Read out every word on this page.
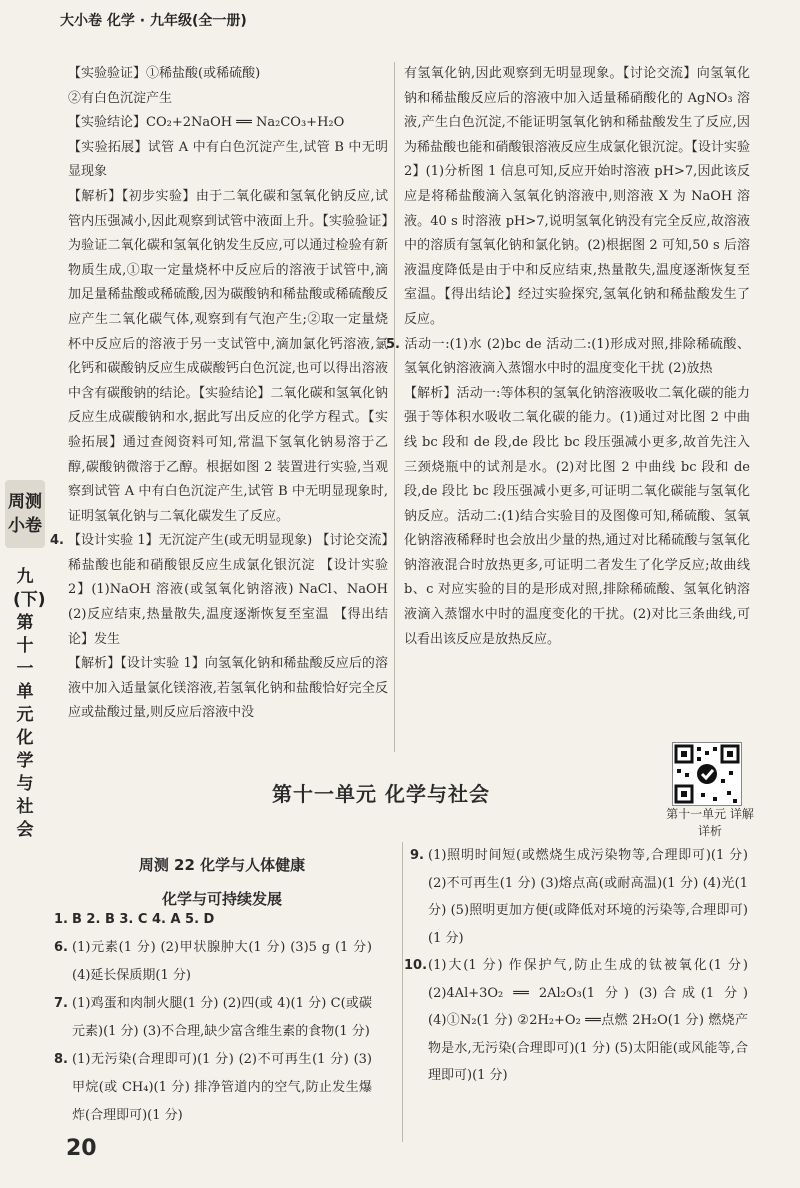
大小卷 化学 · 九年级(全一册)

【实验验证】①稀盐酸(或稀硫酸)

②有白色沉淀产生

【实验结论】CO₂+2NaOH ══ Na₂CO₃+H₂O

【实验拓展】试管 A 中有白色沉淀产生,试管 B 中无明显现象

【解析】【初步实验】由于二氧化碳和氢氧化钠反应,试管内压强减小,因此观察到试管中液面上升。【实验验证】为验证二氧化碳和氢氧化钠发生反应,可以通过检验有新物质生成,①取一定量烧杯中反应后的溶液于试管中,滴加足量稀盐酸或稀硫酸,因为碳酸钠和稀盐酸或稀硫酸反应产生二氧化碳气体,观察到有气泡产生;②取一定量烧杯中反应后的溶液于另一支试管中,滴加氯化钙溶液,氯化钙和碳酸钠反应生成碳酸钙白色沉淀,也可以得出溶液中含有碳酸钠的结论。【实验结论】二氧化碳和氢氧化钠反应生成碳酸钠和水,据此写出反应的化学方程式。【实验拓展】通过查阅资料可知,常温下氢氧化钠易溶于乙醇,碳酸钠微溶于乙醇。根据如图 2 装置进行实验,当观察到试管 A 中有白色沉淀产生,试管 B 中无明显现象时,证明氢氧化钠与二氧化碳发生了反应。

4. 【设计实验 1】无沉淀产生(或无明显现象) 【讨论交流】稀盐酸也能和硝酸银反应生成氯化银沉淀 【设计实验 2】(1)NaOH 溶液(或氢氧化钠溶液) NaCl、NaOH (2)反应结束,热量散失,温度逐渐恢复至室温 【得出结论】发生

【解析】【设计实验 1】向氢氧化钠和稀盐酸反应后的溶液中加入适量氯化镁溶液,若氢氧化钠和盐酸恰好完全反应或盐酸过量,则反应后溶液中没

有氢氧化钠,因此观察到无明显现象。【讨论交流】向氢氧化钠和稀盐酸反应后的溶液中加入适量稀硝酸化的 AgNO₃ 溶液,产生白色沉淀,不能证明氢氧化钠和稀盐酸发生了反应,因为稀盐酸也能和硝酸银溶液反应生成氯化银沉淀。【设计实验 2】(1)分析图 1 信息可知,反应开始时溶液 pH>7,因此该反应是将稀盐酸滴入氢氧化钠溶液中,则溶液 X 为 NaOH 溶液。40 s 时溶液 pH>7,说明氢氧化钠没有完全反应,故溶液中的溶质有氢氧化钠和氯化钠。(2)根据图 2 可知,50 s 后溶液温度降低是由于中和反应结束,热量散失,温度逐渐恢复至室温。【得出结论】经过实验探究,氢氧化钠和稀盐酸发生了反应。

5. 活动一:(1)水 (2)bc de 活动二:(1)形成对照,排除稀硫酸、氢氧化钠溶液滴入蒸馏水中时的温度变化干扰 (2)放热

【解析】活动一:等体积的氢氧化钠溶液吸收二氧化碳的能力强于等体积水吸收二氧化碳的能力。(1)通过对比图 2 中曲线 bc 段和 de 段,de 段比 bc 段压强减小更多,故首先注入三颈烧瓶中的试剂是水。(2)对比图 2 中曲线 bc 段和 de 段,de 段比 bc 段压强减小更多,可证明二氧化碳能与氢氧化钠反应。活动二:(1)结合实验目的及图像可知,稀硫酸、氢氧化钠溶液稀释时也会放出少量的热,通过对比稀硫酸与氢氧化钠溶液混合时放热更多,可证明二者发生了化学反应;故曲线 b、c 对应实验的目的是形成对照,排除稀硫酸、氢氧化钠溶液滴入蒸馏水中时的温度变化的干扰。(2)对比三条曲线,可以看出该反应是放热反应。

周测小卷
九(下) 第十一单元 化学与社会
第十一单元 化学与社会
第十一单元 详解详析
周测 22 化学与人体健康
化学与可持续发展

1. B 2. B 3. C 4. A 5. D

6. (1)元素(1 分) (2)甲状腺肿大(1 分) (3)5 g (1 分) (4)延长保质期(1 分)

7. (1)鸡蛋和肉制火腿(1 分) (2)四(或 4)(1 分) C(或碳元素)(1 分) (3)不合理,缺少富含维生素的食物(1 分)

8. (1)无污染(合理即可)(1 分) (2)不可再生(1 分) (3)甲烷(或 CH₄)(1 分) 排净管道内的空气,防止发生爆炸(合理即可)(1 分)

9. (1)照明时间短(或燃烧生成污染物等,合理即可)(1 分) (2)不可再生(1 分) (3)熔点高(或耐高温)(1 分) (4)光(1 分) (5)照明更加方便(或降低对环境的污染等,合理即可)(1 分)

10.(1)大(1 分) 作保护气,防止生成的钛被氧化(1 分) (2)4Al+3O₂ ══ 2Al₂O₃(1 分) (3)合成(1 分) (4)①N₂(1 分) ②2H₂+O₂ ══点燃 2H₂O(1 分) 燃烧产物是水,无污染(合理即可)(1 分) (5)太阳能(或风能等,合理即可)(1 分)

20
